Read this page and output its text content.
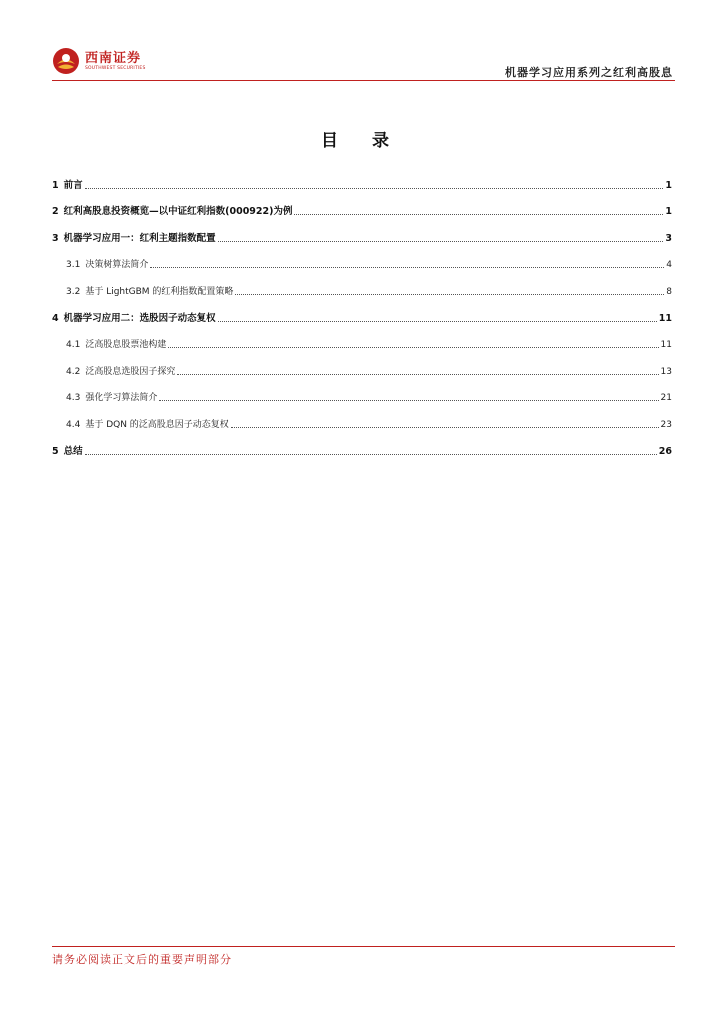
西南证券
SOUTHWEST SECURITIES	机器学习应用系列之红利高股息
目 录
1 前言	1
2 红利高股息投资概览—以中证红利指数(000922)为例	1
3 机器学习应用一：红利主题指数配置	3
3.1 决策树算法简介	4
3.2 基于 LightGBM 的红利指数配置策略	8
4 机器学习应用二：选股因子动态复权	11
4.1 泛高股息股票池构建	11
4.2 泛高股息选股因子探究	13
4.3 强化学习算法简介	21
4.4 基于 DQN 的泛高股息因子动态复权	23
5 总结	26
请务必阅读正文后的重要声明部分
